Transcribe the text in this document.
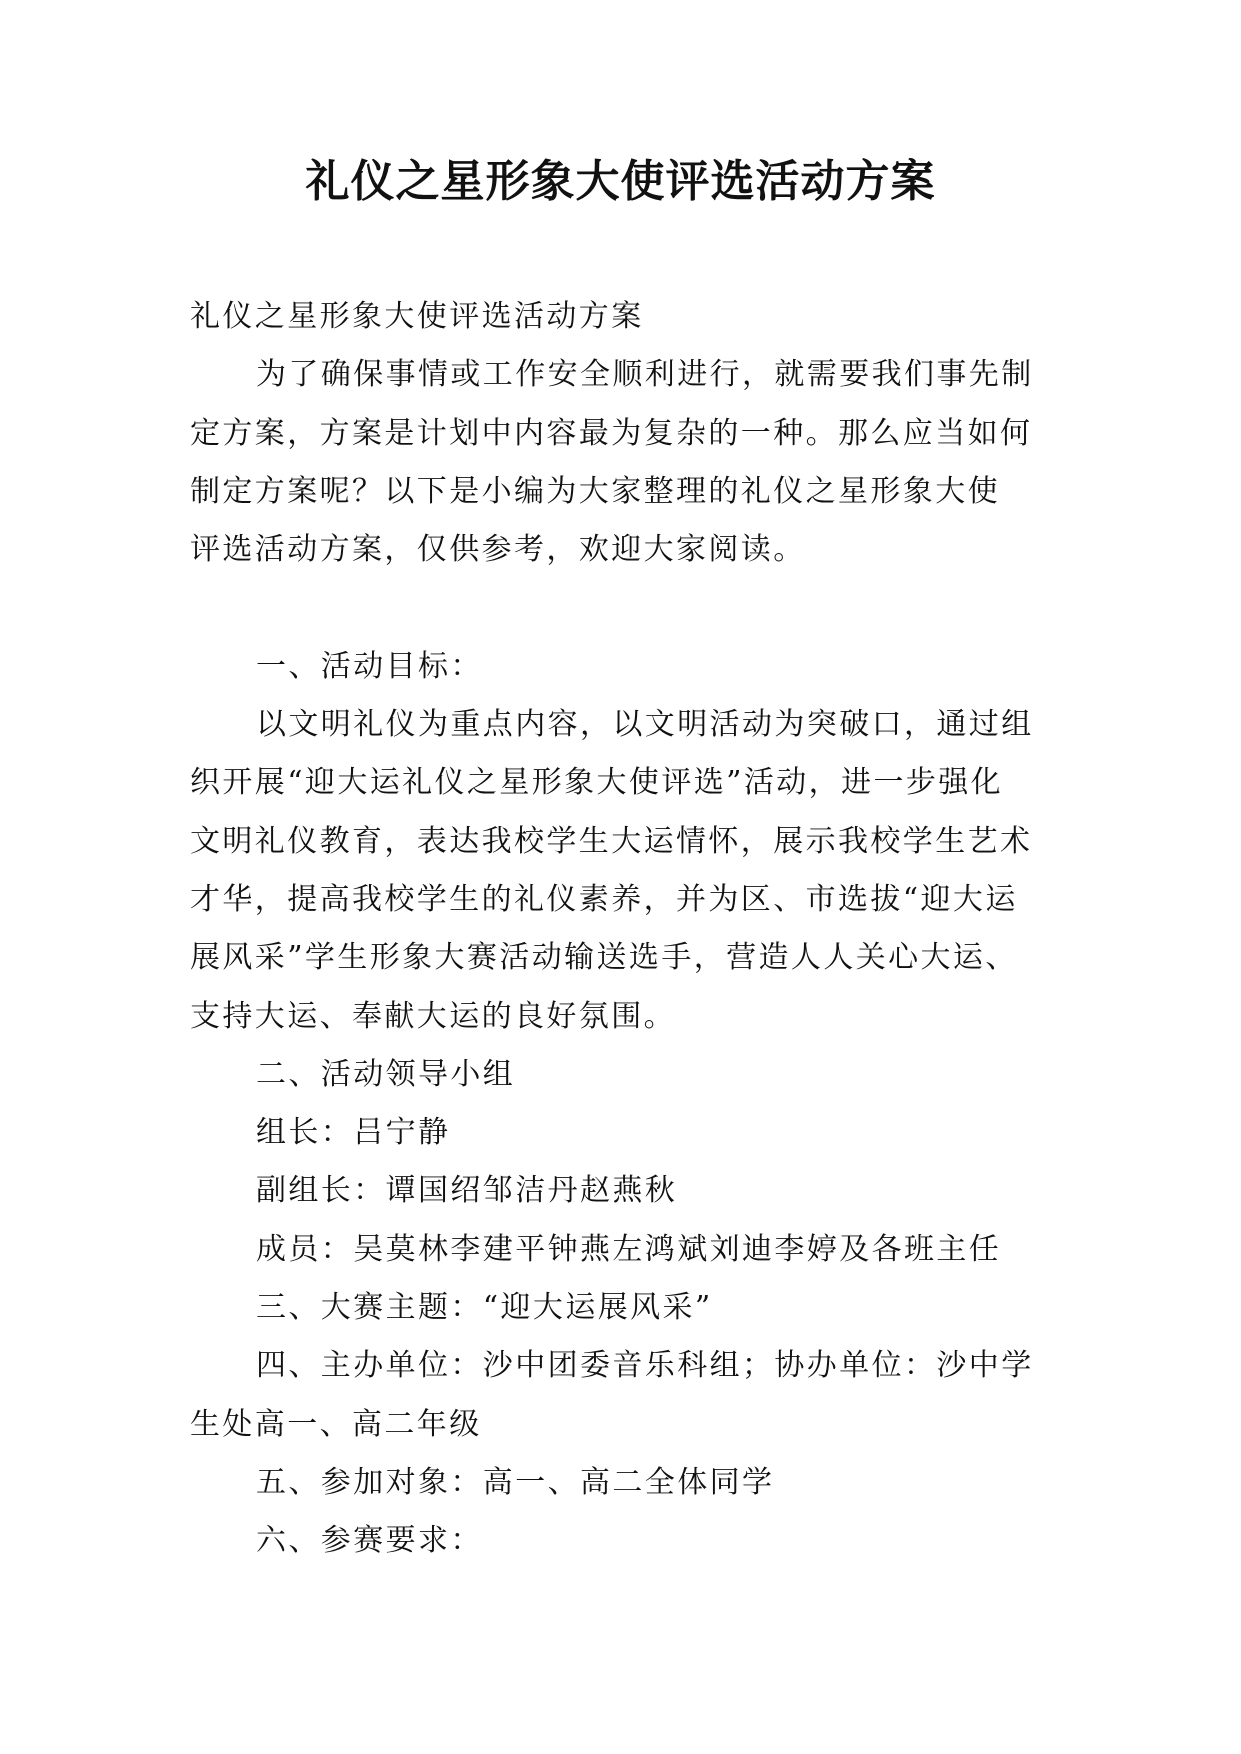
礼仪之星形象大使评选活动方案
礼仪之星形象大使评选活动方案
为了确保事情或工作安全顺利进行，就需要我们事先制
定方案，方案是计划中内容最为复杂的一种。那么应当如何
制定方案呢？以下是小编为大家整理的礼仪之星形象大使
评选活动方案，仅供参考，欢迎大家阅读。
一、活动目标：
以文明礼仪为重点内容，以文明活动为突破口，通过组
织开展“迎大运礼仪之星形象大使评选”活动，进一步强化
文明礼仪教育，表达我校学生大运情怀，展示我校学生艺术
才华，提高我校学生的礼仪素养，并为区、市选拔“迎大运
展风采”学生形象大赛活动输送选手，营造人人关心大运、
支持大运、奉献大运的良好氛围。
二、活动领导小组
组长：吕宁静
副组长：谭国绍邹洁丹赵燕秋
成员：吴莫林李建平钟燕左鸿斌刘迪李婷及各班主任
三、大赛主题：“迎大运展风采”
四、主办单位：沙中团委音乐科组；协办单位：沙中学
生处高一、高二年级
五、参加对象：高一、高二全体同学
六、参赛要求：
